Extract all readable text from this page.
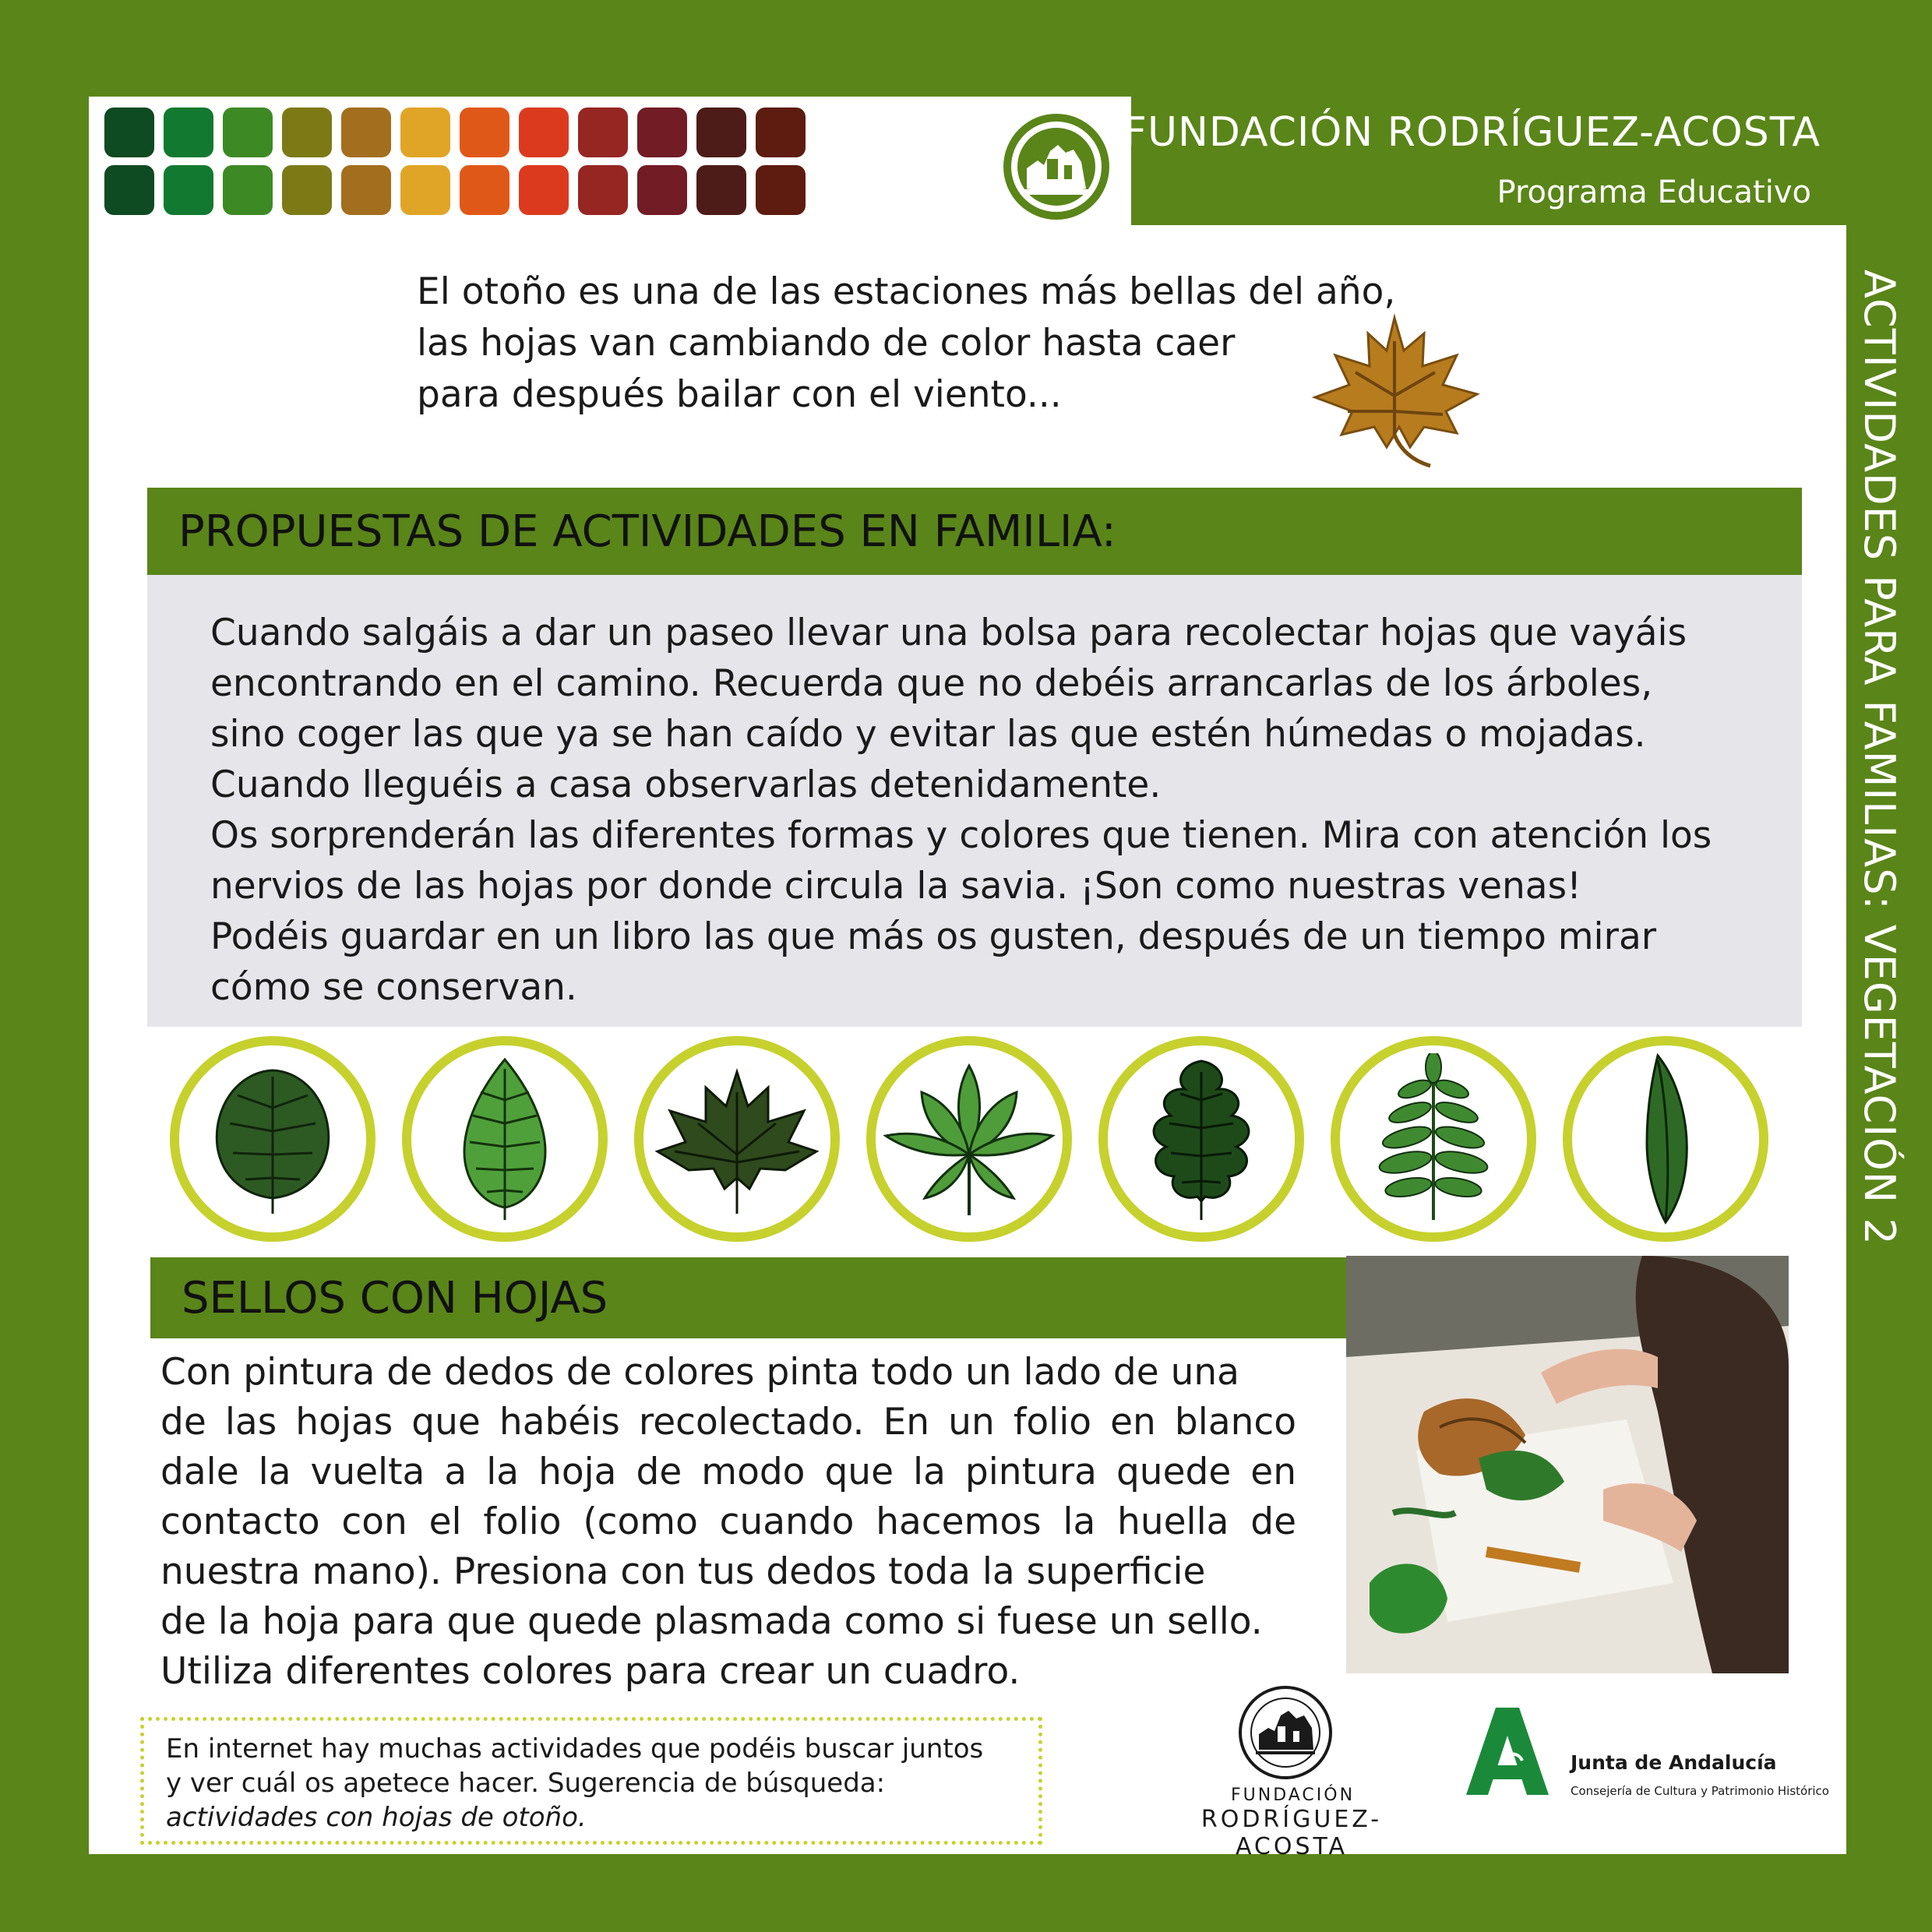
FUNDACIÓN RODRÍGUEZ-ACOSTA
Programa Educativo
ACTIVIDADES PARA FAMILIAS: VEGETACIÓN 2
El otoño es una de las estaciones más bellas del año,
las hojas van cambiando de color hasta caer
para después bailar con el viento...
PROPUESTAS DE ACTIVIDADES EN FAMILIA:
Cuando salgáis a dar un paseo llevar una bolsa para recolectar hojas que vayáis
encontrando en el camino. Recuerda que no debéis arrancarlas de los árboles,
sino coger las que ya se han caído y evitar las que estén húmedas o mojadas.
Cuando lleguéis a casa observarlas detenidamente.
Os sorprenderán las diferentes formas y colores que tienen. Mira con atención los
nervios de las hojas por donde circula la savia. ¡Son como nuestras venas!
Podéis guardar en un libro las que más os gusten, después de un tiempo mirar
cómo se conservan.
SELLOS CON HOJAS
Con pintura de dedos de colores pinta todo un lado de una
de las hojas que habéis recolectado. En un folio en blanco
dale la vuelta a la hoja de modo que la pintura quede en
contacto con el folio (como cuando hacemos la huella de
nuestra mano). Presiona con tus dedos toda la superficie
de la hoja para que quede plasmada como si fuese un sello.
Utiliza diferentes colores para crear un cuadro.
En internet hay muchas actividades que podéis buscar juntos
y ver cuál os apetece hacer. Sugerencia de búsqueda:
actividades con hojas de otoño.
FUNDACIÓN
RODRÍGUEZ-ACOSTA
Junta de Andalucía
Consejería de Cultura y Patrimonio Histórico
